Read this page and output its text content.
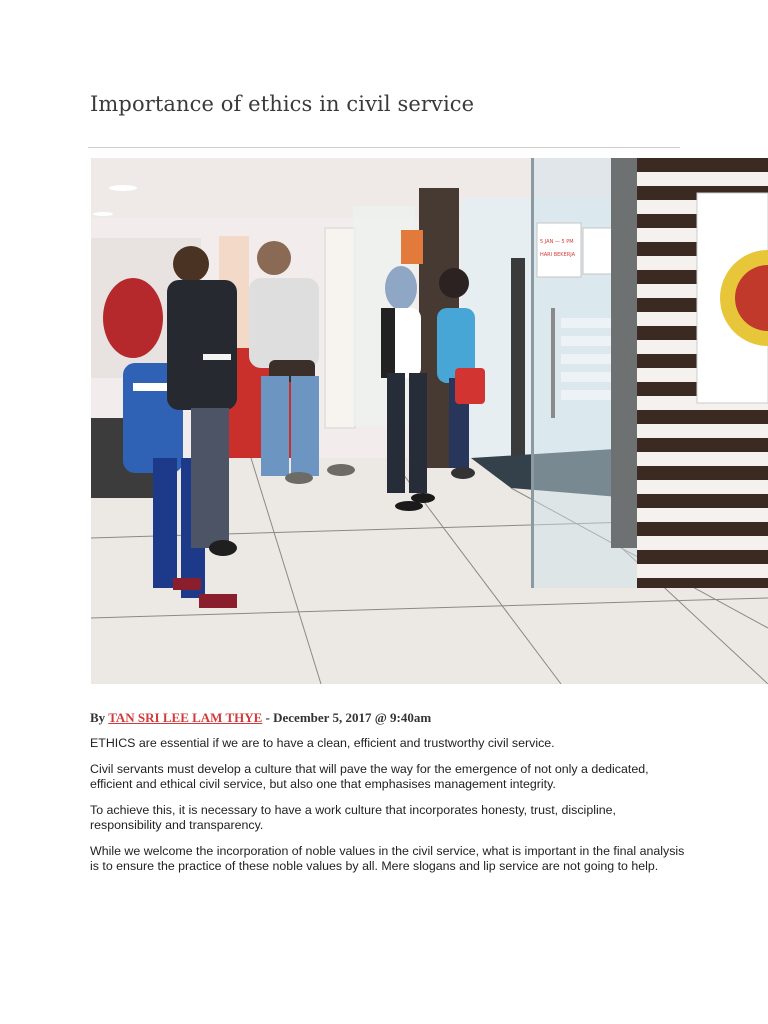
Importance of ethics in civil service
5 JAN — 5 PM
HARI BEKERJA
By TAN SRI LEE LAM THYE - December 5, 2017 @ 9:40am

ETHICS are essential if we are to have a clean, efficient and trustworthy civil service.

Civil servants must develop a culture that will pave the way for the emergence of not only a dedicated, efficient and ethical civil service, but also one that emphasises management integrity.

To achieve this, it is necessary to have a work culture that incorporates honesty, trust, discipline, responsibility and transparency.

While we welcome the incorporation of noble values in the civil service, what is important in the final analysis is to ensure the practice of these noble values by all. Mere slogans and lip service are not going to help.
